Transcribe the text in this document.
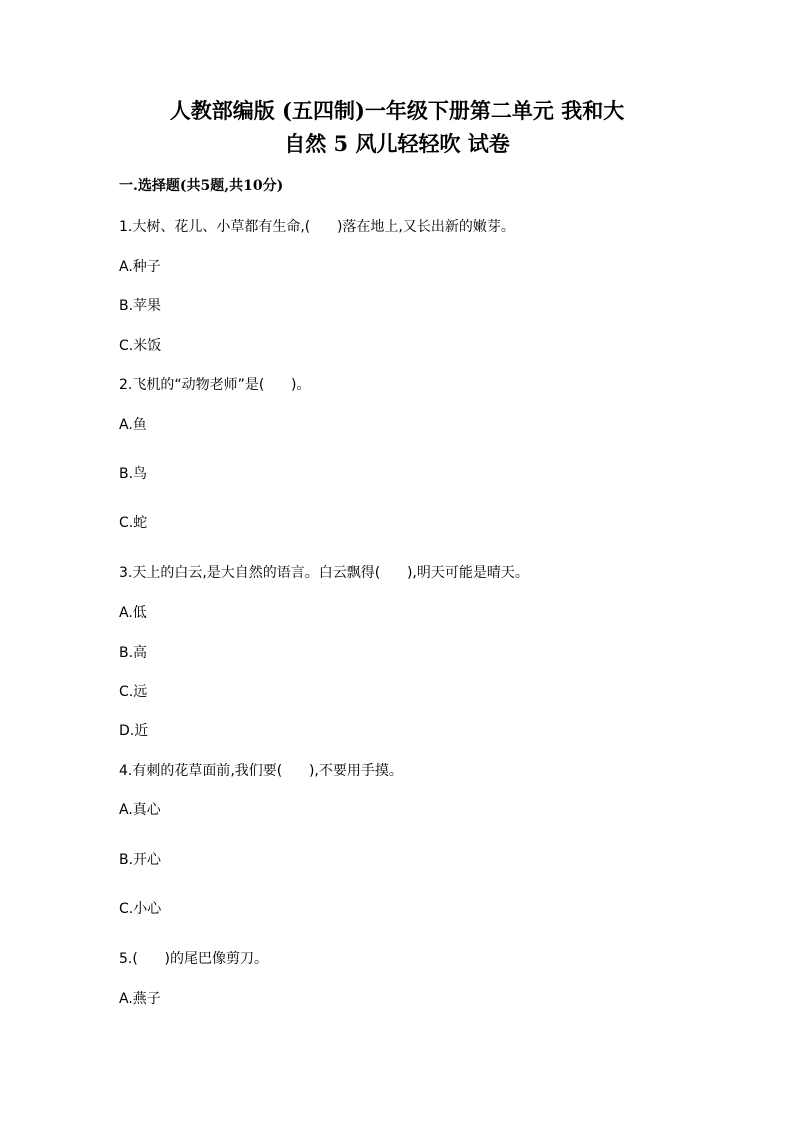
人教部编版 (五四制)一年级下册第二单元 我和大
自然 5 风儿轻轻吹 试卷
一.选择题(共5题,共10分)

1.大树、花儿、小草都有生命,(      )落在地上,又长出新的嫩芽。

A.种子

B.苹果

C.米饭

2.飞机的“动物老师”是(      )。

A.鱼

B.鸟

C.蛇

3.天上的白云,是大自然的语言。白云飘得(      ),明天可能是晴天。

A.低

B.高

C.远

D.近

4.有刺的花草面前,我们要(      ),不要用手摸。

A.真心

B.开心

C.小心

5.(      )的尾巴像剪刀。

A.燕子
